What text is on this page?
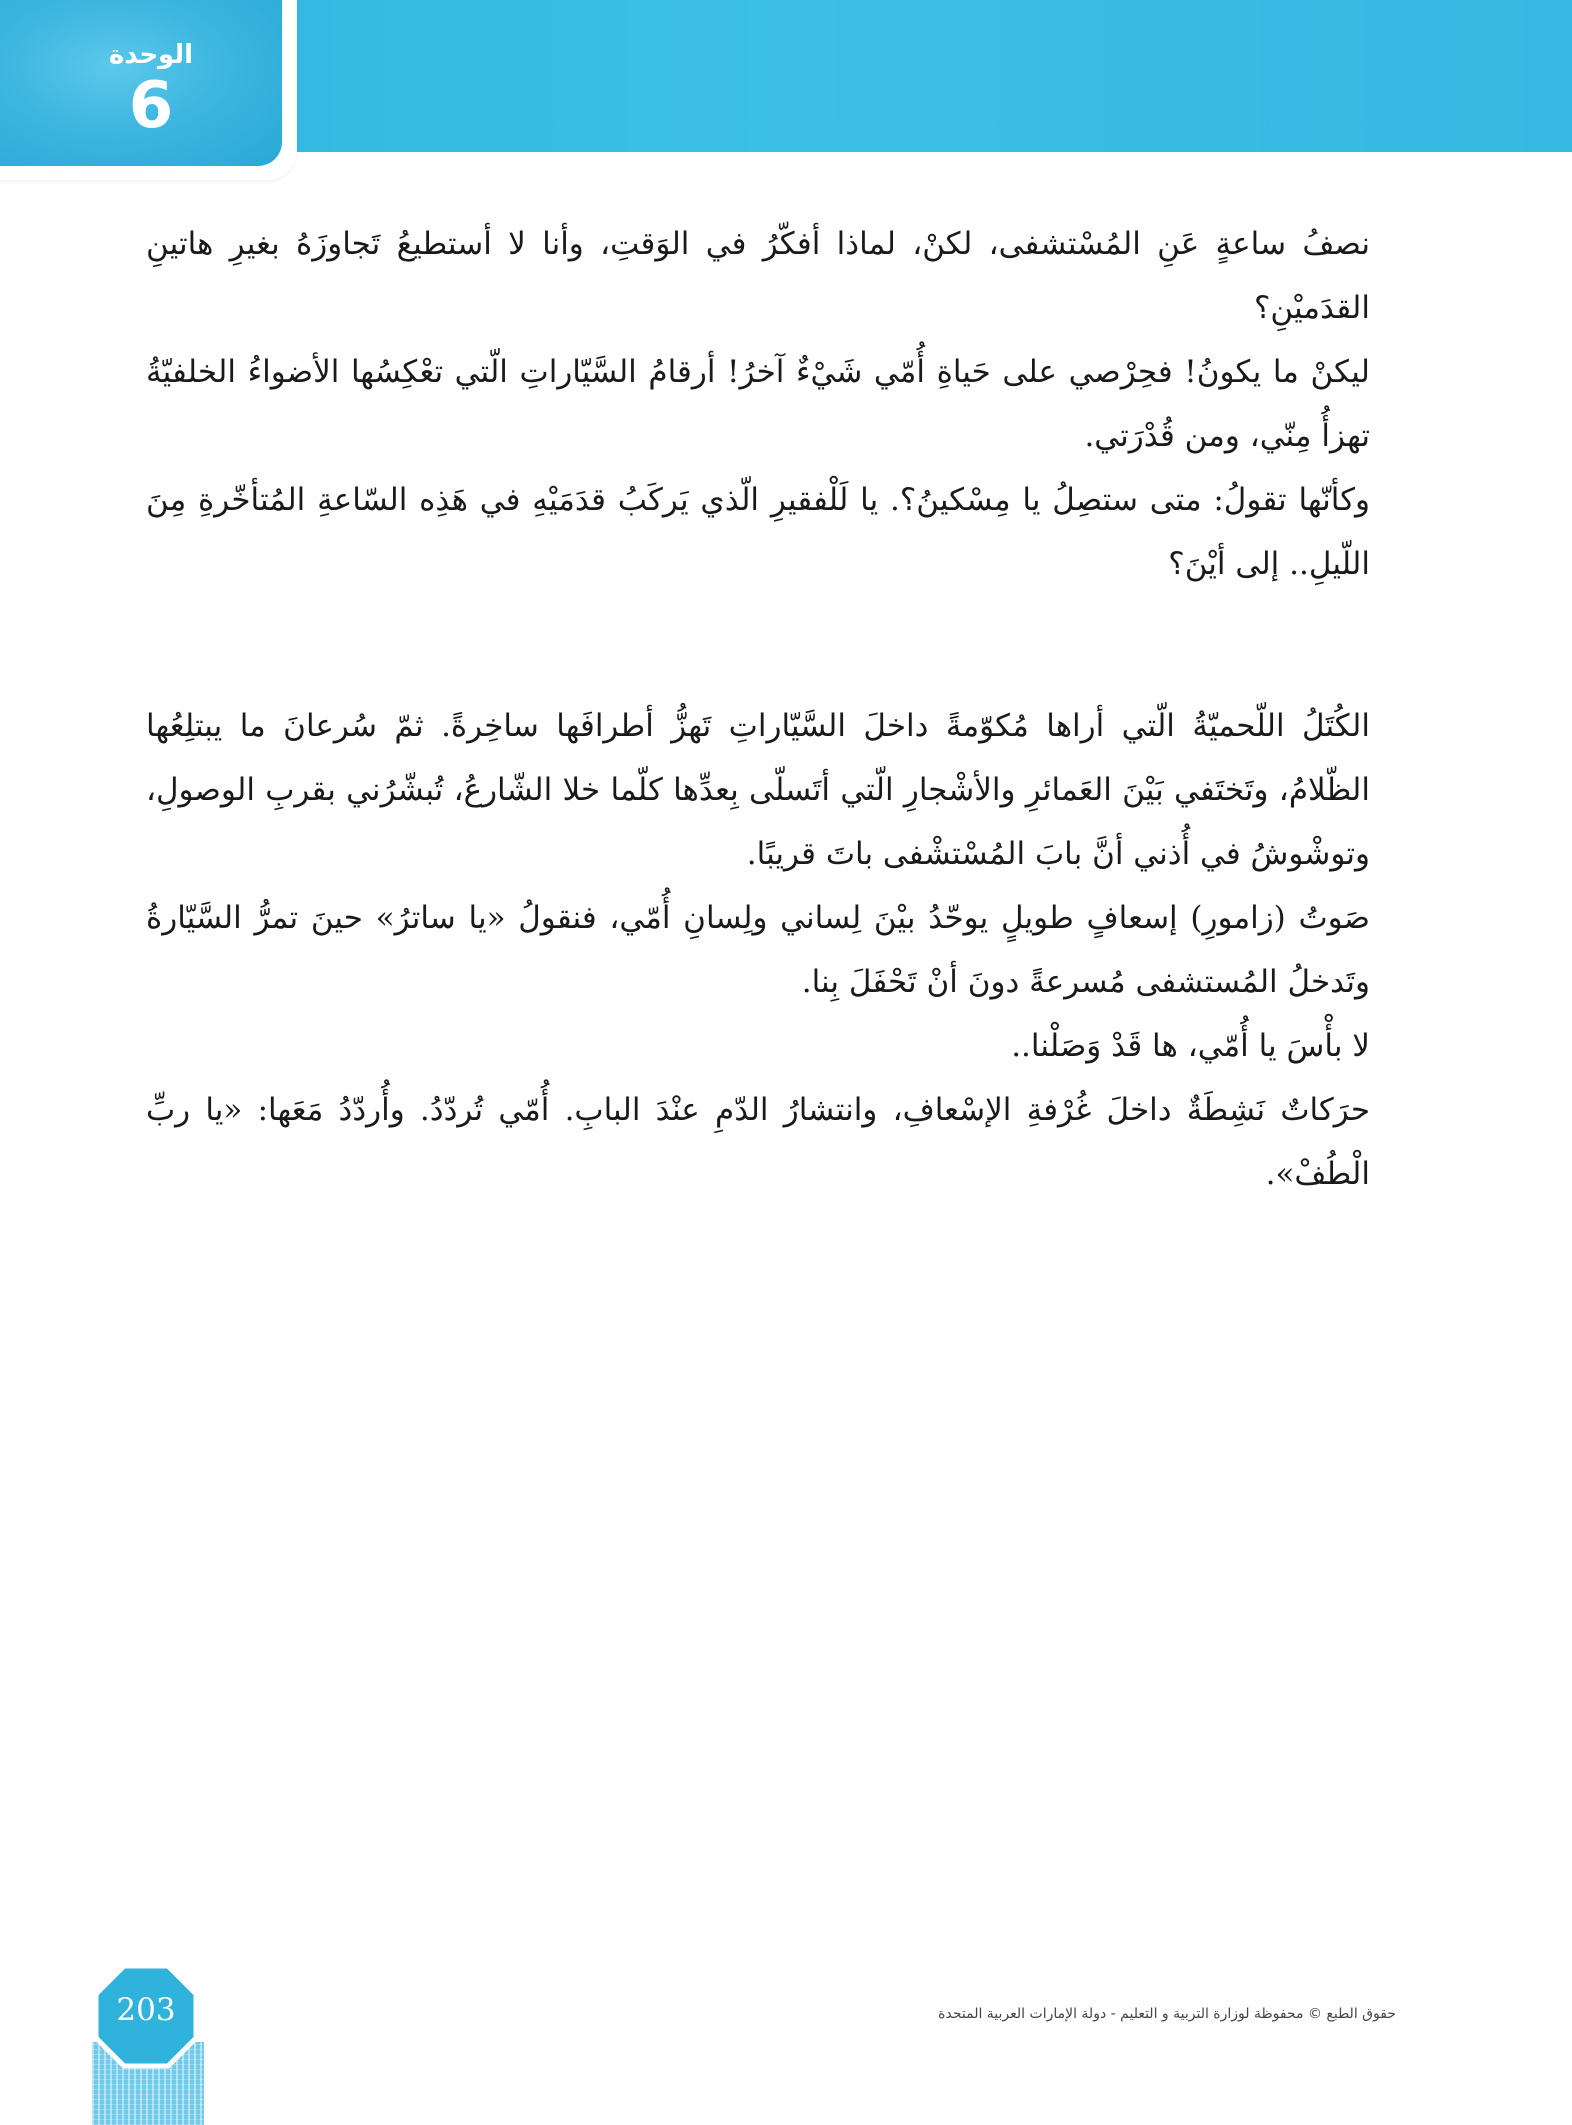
الوحدة
6

نصفُ ساعةٍ عَنِ المُسْتشفى، لكنْ، لماذا أفكّرُ في الوَقتِ، وأنا لا أستطيعُ تَجاوزَهُ بغيرِ هاتينِ القدَميْنِ؟

ليكنْ ما يكونُ! فحِرْصي على حَياةِ أُمّي شَيْءٌ آخرُ! أرقامُ السَّيّاراتِ الّتي تعْكِسُها الأضواءُ الخلفيّةُ تهزأُ مِنّي، ومن قُدْرَتي.

وكأنّها تقولُ: متى ستصِلُ يا مِسْكينُ؟. يا لَلْفقيرِ الّذي يَركَبُ قدَمَيْهِ في هَذِه السّاعةِ المُتأخّرةِ مِنَ اللّيلِ.. إلى أيْنَ؟

الكُتَلُ اللّحميّةُ الّتي أراها مُكوّمةً داخلَ السَّيّاراتِ تَهزُّ أطرافَها ساخِرةً. ثمّ سُرعانَ ما يبتلِعُها الظّلامُ، وتَختَفي بَيْنَ العَمائرِ والأشْجارِ الّتي أتَسلّى بِعدِّها كلّما خلا الشّارعُ، تُبشّرُني بقربِ الوصولِ، وتوشْوشُ في أُذني أنَّ بابَ المُسْتشْفى باتَ قريبًا.

صَوتُ (زامورِ) إسعافٍ طويلٍ يوحّدُ بيْنَ لِساني ولِسانِ أُمّي، فنقولُ «يا ساترُ» حينَ تمرُّ السَّيّارةُ وتَدخلُ المُستشفى مُسرعةً دونَ أنْ تَحْفَلَ بِنا.

لا بأْسَ يا أُمّي، ها قَدْ وَصَلْنا..

حرَكاتٌ نَشِطَةٌ داخلَ غُرْفةِ الإسْعافِ، وانتشارُ الدّمِ عنْدَ البابِ. أُمّي تُردّدُ. وأُردّدُ مَعَها: «يا ربِّ الْطُفْ».

203	حقوق الطبع © محفوظة لوزارة التربية و التعليم - دولة الإمارات العربية المتحدة
